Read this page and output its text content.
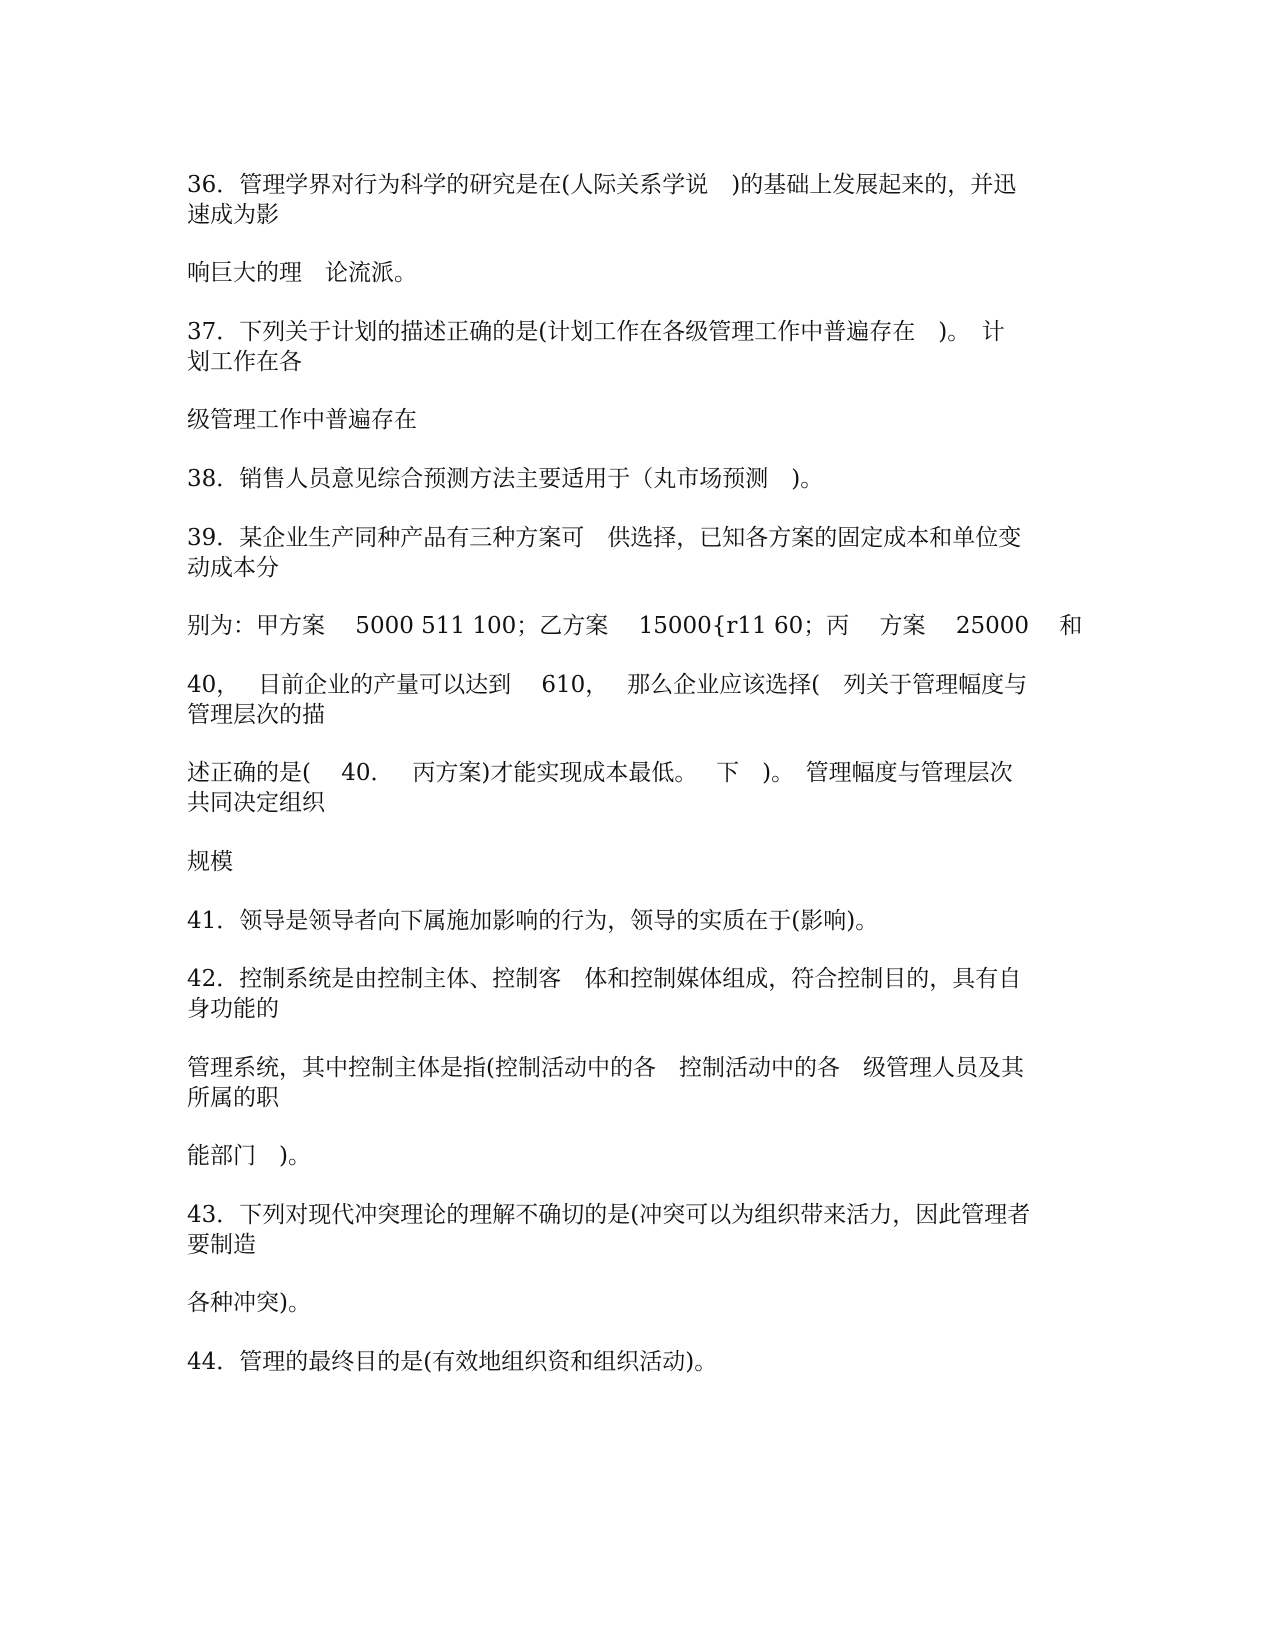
36．管理学界对行为科学的研究是在(人际关系学说　)的基础上发展起来的，并迅
速成为影
响巨大的理　论流派。
37．下列关于计划的描述正确的是(计划工作在各级管理工作中普遍存在　)。　计
划工作在各
级管理工作中普遍存在
38．销售人员意见综合预测方法主要适用于（丸市场预测　)。
39．某企业生产同种产品有三种方案可　供选择，已知各方案的固定成本和单位变
动成本分
别为：甲方案　 5000 511 100；乙方案　 15000{r11 60；丙　 方案　 25000　 和
40，　 目前企业的产量可以达到　 610，　 那么企业应该选择(　列关于管理幅度与
管理层次的描
述正确的是(　 40．　 丙方案)才能实现成本最低。　 下　)。　管理幅度与管理层次
共同决定组织
规模
41．领导是领导者向下属施加影响的行为，领导的实质在于(影响)。
42．控制系统是由控制主体、控制客　体和控制媒体组成，符合控制目的，具有自
身功能的
管理系统，其中控制主体是指(控制活动中的各　控制活动中的各　级管理人员及其
所属的职
能部门　)。
43．下列对现代冲突理论的理解不确切的是(冲突可以为组织带来活力，因此管理者
要制造
各种冲突)。
44．管理的最终目的是(有效地组织资和组织活动)。
